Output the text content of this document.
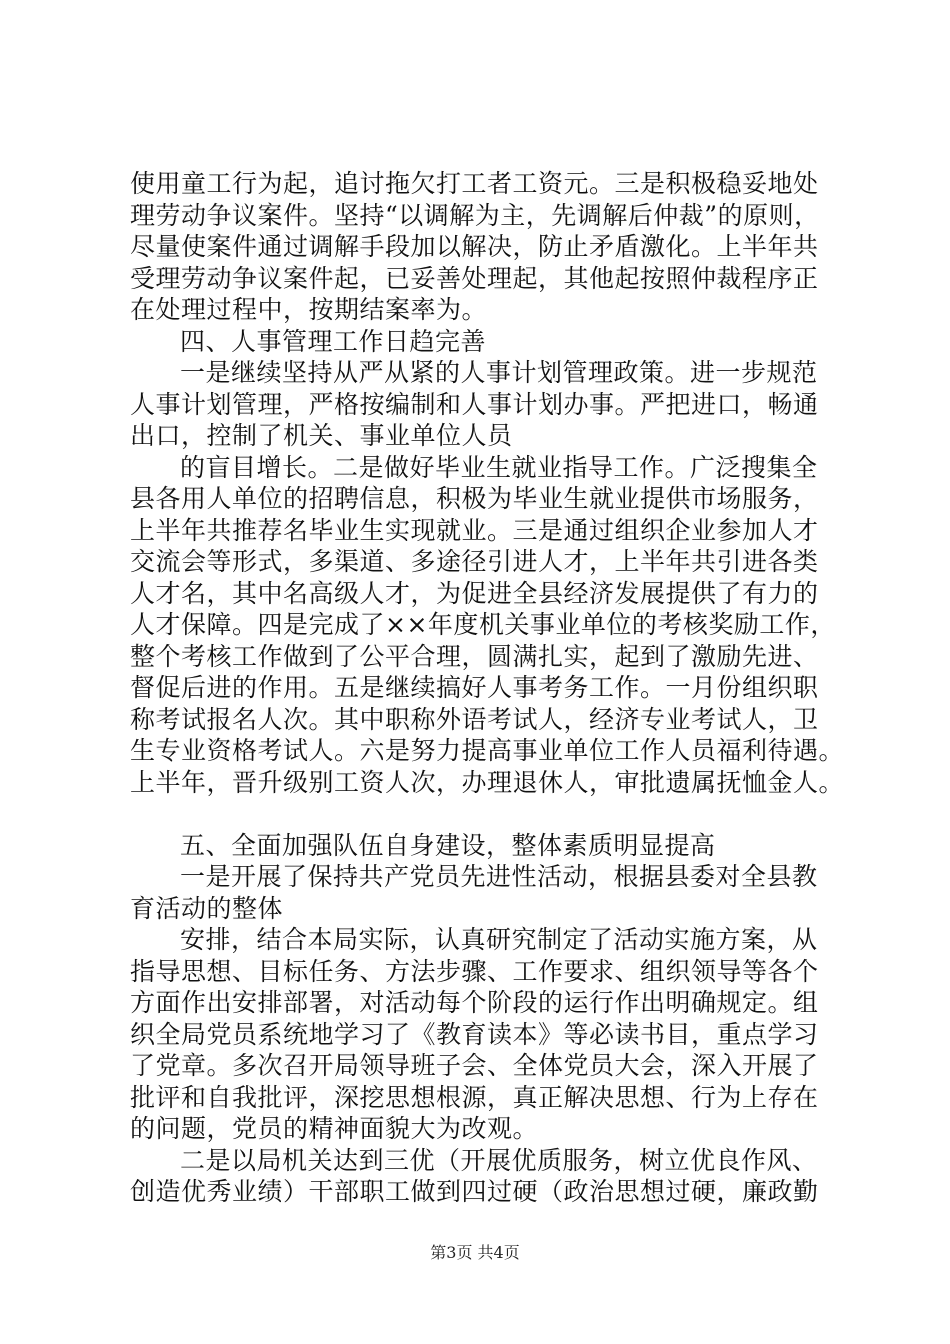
使用童工行为起，追讨拖欠打工者工资元。三是积极稳妥地处
理劳动争议案件。坚持“以调解为主，先调解后仲裁”的原则，
尽量使案件通过调解手段加以解决，防止矛盾激化。上半年共
受理劳动争议案件起，已妥善处理起，其他起按照仲裁程序正
在处理过程中，按期结案率为。
四、人事管理工作日趋完善
一是继续坚持从严从紧的人事计划管理政策。进一步规范
人事计划管理，严格按编制和人事计划办事。严把进口，畅通
出口，控制了机关、事业单位人员
的盲目增长。二是做好毕业生就业指导工作。广泛搜集全
县各用人单位的招聘信息，积极为毕业生就业提供市场服务，
上半年共推荐名毕业生实现就业。三是通过组织企业参加人才
交流会等形式，多渠道、多途径引进人才，上半年共引进各类
人才名，其中名高级人才，为促进全县经济发展提供了有力的
人才保障。四是完成了××年度机关事业单位的考核奖励工作，
整个考核工作做到了公平合理，圆满扎实，起到了激励先进、
督促后进的作用。五是继续搞好人事考务工作。一月份组织职
称考试报名人次。其中职称外语考试人，经济专业考试人，卫
生专业资格考试人。六是努力提高事业单位工作人员福利待遇。
上半年，晋升级别工资人次，办理退休人，审批遗属抚恤金人。
五、全面加强队伍自身建设，整体素质明显提高
一是开展了保持共产党员先进性活动，根据县委对全县教
育活动的整体
安排，结合本局实际，认真研究制定了活动实施方案，从
指导思想、目标任务、方法步骤、工作要求、组织领导等各个
方面作出安排部署，对活动每个阶段的运行作出明确规定。组
织全局党员系统地学习了《教育读本》等必读书目，重点学习
了党章。多次召开局领导班子会、全体党员大会，深入开展了
批评和自我批评，深挖思想根源，真正解决思想、行为上存在
的问题，党员的精神面貌大为改观。
二是以局机关达到三优（开展优质服务，树立优良作风、
创造优秀业绩）干部职工做到四过硬（政治思想过硬，廉政勤
第3页 共4页
